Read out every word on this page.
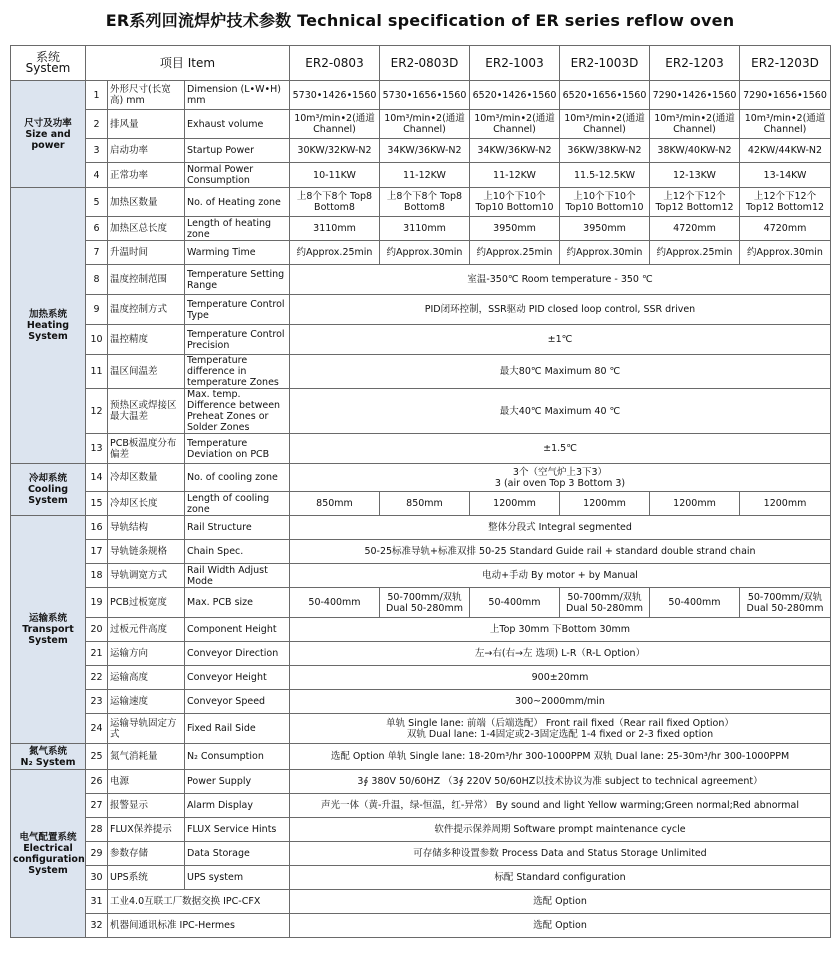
ER系列回流焊炉技术参数 Technical specification of ER series reflow oven
系统 System	项目 Item			ER2-0803	ER2-0803D	ER2-1003	ER2-1003D	ER2-1203	ER2-1203D
尺寸及功率
Size and power	1	外形尺寸(长宽高) mm	Dimension (L•W•H) mm	5730•1426•1560	5730•1656•1560	6520•1426•1560	6520•1656•1560	7290•1426•1560	7290•1656•1560
	2	排风量	Exhaust volume	10m³/min•2(通道Channel)	10m³/min•2(通道Channel)	10m³/min•2(通道Channel)	10m³/min•2(通道Channel)	10m³/min•2(通道Channel)	10m³/min•2(通道Channel)
	3	启动功率	Startup Power	30KW/32KW-N2	34KW/36KW-N2	34KW/36KW-N2	36KW/38KW-N2	38KW/40KW-N2	42KW/44KW-N2
	4	正常功率	Normal Power Consumption	10-11KW	11-12KW	11-12KW	11.5-12.5KW	12-13KW	13-14KW
加热系统
Heating System	5	加热区数量	No. of Heating zone	上8个下8个 Top8 Bottom8	上8个下8个 Top8 Bottom8	上10个下10个 Top10 Bottom10	上10个下10个 Top10 Bottom10	上12个下12个 Top12 Bottom12	上12个下12个 Top12 Bottom12
	6	加热区总长度	Length of heating zone	3110mm	3110mm	3950mm	3950mm	4720mm	4720mm
	7	升温时间	Warming Time	约Approx.25min	约Approx.30min	约Approx.25min	约Approx.30min	约Approx.25min	约Approx.30min
	8	温度控制范围	Temperature Setting Range	室温-350℃ Room temperature - 350 ℃					
	9	温度控制方式	Temperature Control Type	PID闭环控制，SSR驱动 PID closed loop control, SSR driven					
	10	温控精度	Temperature Control Precision	±1℃					
	11	温区间温差	Temperature difference in temperature Zones	最大80℃ Maximum 80 ℃					
	12	预热区或焊接区最大温差	Max. temp. Difference between Preheat Zones or Solder Zones	最大40℃ Maximum 40 ℃					
	13	PCB板温度分布偏差	Temperature Deviation on PCB	±1.5℃					
冷却系统
Cooling System	14	冷却区数量	No. of cooling zone	3个（空气炉上3下3）
3 (air oven Top 3 Bottom 3)					
	15	冷却区长度	Length of cooling zone	850mm	850mm	1200mm	1200mm	1200mm	1200mm
运输系统
Transport System	16	导轨结构	Rail Structure	整体分段式 Integral segmented					
	17	导轨链条规格	Chain Spec.	50-25标准导轨+标准双排 50-25 Standard Guide rail + standard double strand chain					
	18	导轨调宽方式	Rail Width Adjust Mode	电动+手动 By motor + by Manual					
	19	PCB过板宽度	Max. PCB size	50-400mm	50-700mm/双轨 Dual 50-280mm	50-400mm	50-700mm/双轨 Dual 50-280mm	50-400mm	50-700mm/双轨 Dual 50-280mm
	20	过板元件高度	Component Height	上Top 30mm 下Bottom 30mm					
	21	运输方向	Conveyor Direction	左→右(右→左 选项) L-R（R-L Option）					
	22	运输高度	Conveyor Height	900±20mm					
	23	运输速度	Conveyor Speed	300~2000mm/min					
	24	运输导轨固定方式	Fixed Rail Side	单轨 Single lane: 前端（后端选配） Front rail fixed（Rear rail fixed Option）
双轨 Dual lane: 1-4固定或2-3固定选配 1-4 fixed or 2-3 fixed option					
氮气系统
N₂ System	25	氮气消耗量	N₂ Consumption	选配 Option 单轨 Single lane: 18-20m³/hr 300-1000PPM 双轨 Dual lane: 25-30m³/hr 300-1000PPM					
电气配置系统
Electrical configuration System	26	电源	Power Supply	3∮ 380V 50/60HZ （3∮ 220V 50/60HZ以技术协议为准 subject to technical agreement）					
	27	报警显示	Alarm Display	声光一体（黄-升温，绿-恒温，红-异常） By sound and light Yellow warming;Green normal;Red abnormal					
	28	FLUX保养提示	FLUX Service Hints	软件提示保养周期 Software prompt maintenance cycle					
	29	参数存储	Data Storage	可存储多种设置参数 Process Data and Status Storage Unlimited					
	30	UPS系统	UPS system	标配 Standard configuration					
	31	工业4.0互联工厂数据交换 IPC-CFX		选配 Option					
	32	机器间通讯标准 IPC-Hermes		选配 Option					
